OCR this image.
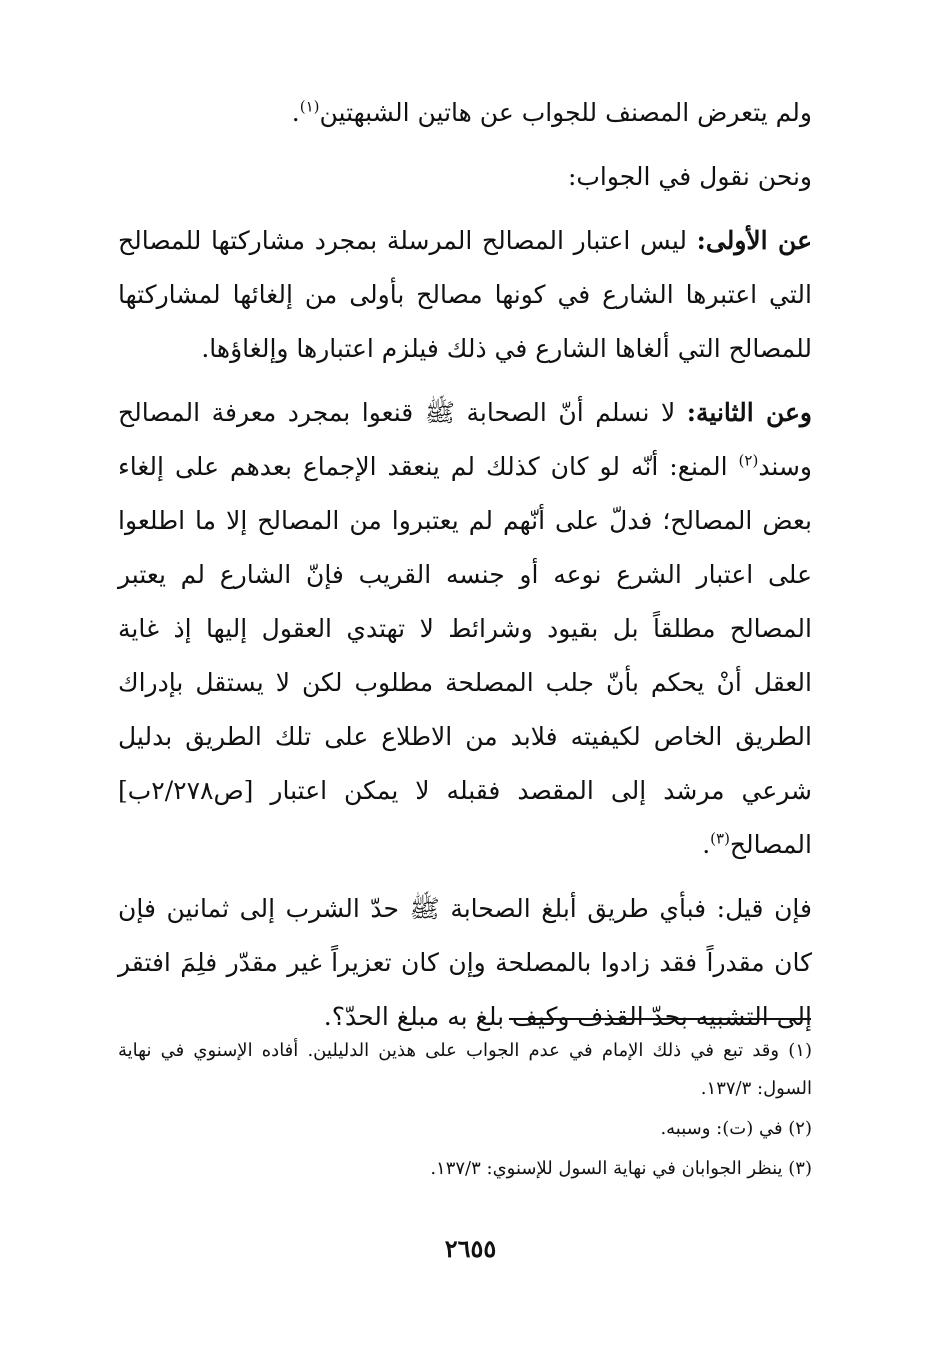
ولم يتعرض المصنف للجواب عن هاتين الشبهتين$^{(١)}$.

ونحن نقول في الجواب:

عن الأولى: ليس اعتبار المصالح المرسلة بمجرد مشاركتها للمصالح التي اعتبرها الشارع في كونها مصالح بأولى من إلغائها لمشاركتها للمصالح التي ألغاها الشارع في ذلك فيلزم اعتبارها وإلغاؤها.

وعن الثانية: لا نسلم أنّ الصحابة ﷺ قنعوا بمجرد معرفة المصالح وسند$^{(٢)}$ المنع: أنّه لو كان كذلك لم ينعقد الإجماع بعدهم على إلغاء بعض المصالح؛ فدلّ على أنّهم لم يعتبروا من المصالح إلا ما اطلعوا على اعتبار الشرع نوعه أو جنسه القريب فإنّ الشارع لم يعتبر المصالح مطلقاً بل بقيود وشرائط لا تهتدي العقول إليها إذ غاية العقل أنْ يحكم بأنّ جلب المصلحة مطلوب لكن لا يستقل بإدراك الطريق الخاص لكيفيته فلابد من الاطلاع على تلك الطريق بدليل شرعي مرشد إلى المقصد فقبله لا يمكن اعتبار [ص٢/٢٧٨ب] المصالح$^{(٣)}$.

فإن قيل: فبأي طريق أبلغ الصحابة ﷺ حدّ الشرب إلى ثمانين فإن كان مقدراً فقد زادوا بالمصلحة وإن كان تعزيراً غير مقدّر فلِمَ افتقر إلى التشبيه بحدّ القذف وكيف بلغ به مبلغ الحدّ؟.

(١) وقد تبع في ذلك الإمام في عدم الجواب على هذين الدليلين. أفاده الإسنوي في نهاية السول: ١٣٧/٣.

(٢) في (ت): وسببه.

(٣) ينظر الجوابان في نهاية السول للإسنوي: ١٣٧/٣.

٢٦٥٥
